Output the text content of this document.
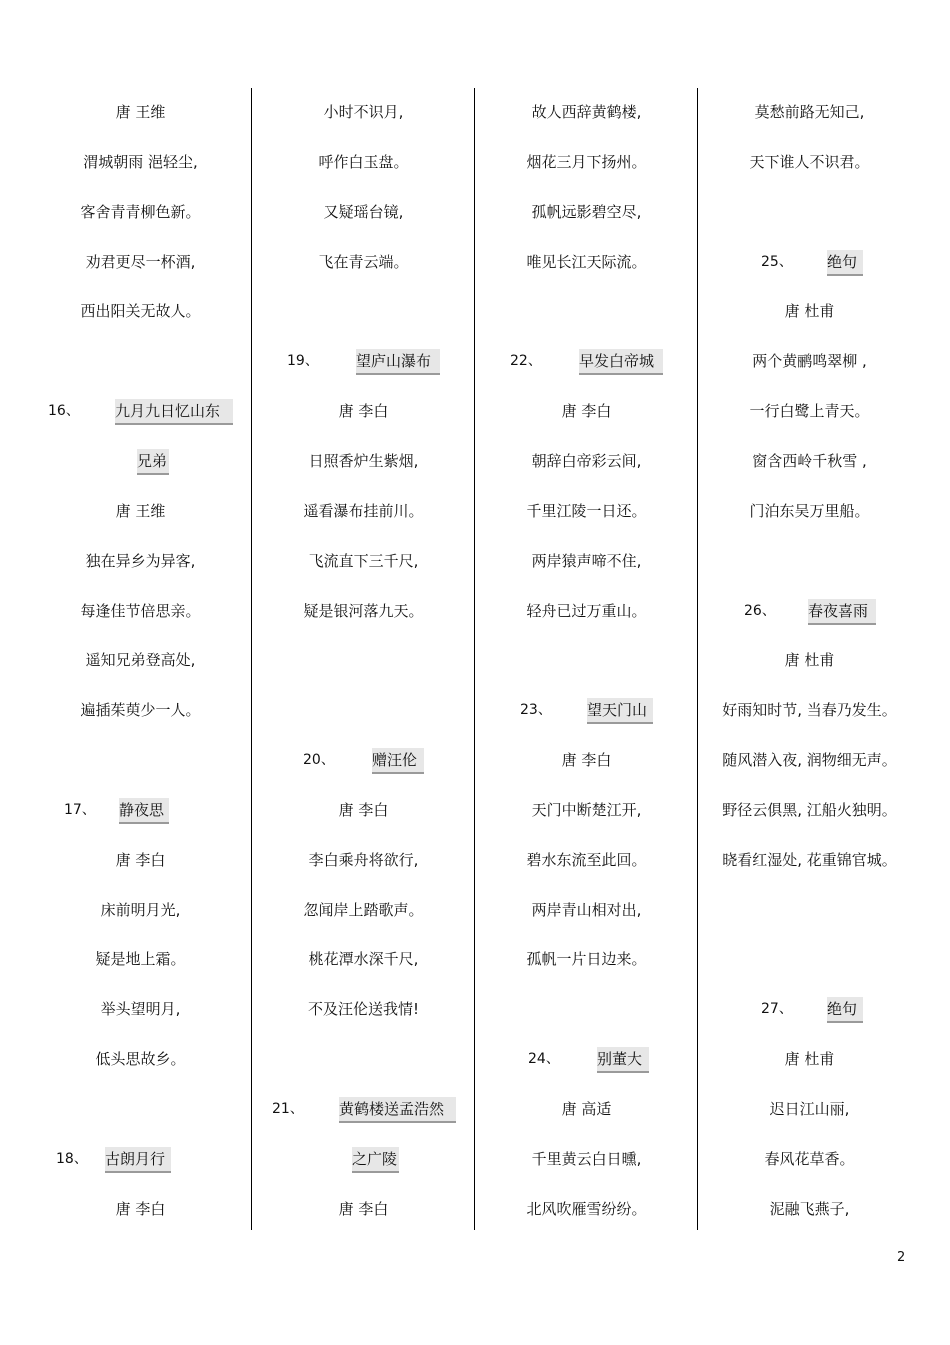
唐 王维
渭城朝雨 浥轻尘,
客舍青青柳色新。
劝君更尽一杯酒,
西出阳关无故人。
16、 九月九日忆山东
兄弟
唐 王维
独在异乡为异客,
每逢佳节倍思亲。
遥知兄弟登高处,
遍插茱萸少一人。
17、 静夜思
唐 李白
床前明月光,
疑是地上霜。
举头望明月,
低头思故乡。
18、 古朗月行
唐 李白
小时不识月,
呼作白玉盘。
又疑瑶台镜,
飞在青云端。
19、 望庐山瀑布
唐 李白
日照香炉生紫烟,
遥看瀑布挂前川。
飞流直下三千尺,
疑是银河落九天。
20、 赠汪伦
唐 李白
李白乘舟将欲行,
忽闻岸上踏歌声。
桃花潭水深千尺,
不及汪伦送我情!
21、 黄鹤楼送孟浩然
之广陵
唐 李白
故人西辞黄鹤楼,
烟花三月下扬州。
孤帆远影碧空尽,
唯见长江天际流。
22、 早发白帝城
唐 李白
朝辞白帝彩云间,
千里江陵一日还。
两岸猿声啼不住,
轻舟已过万重山。
23、 望天门山
唐 李白
天门中断楚江开,
碧水东流至此回。
两岸青山相对出,
孤帆一片日边来。
24、 别董大
唐 高适
千里黄云白日曛,
北风吹雁雪纷纷。
莫愁前路无知己,
天下谁人不识君。
25、 绝句
唐 杜甫
两个黄鹂鸣翠柳 ,
一行白鹭上青天。
窗含西岭千秋雪 ,
门泊东吴万里船。
26、 春夜喜雨
唐 杜甫
好雨知时节, 当春乃发生。
随风潜入夜, 润物细无声。
野径云俱黑, 江船火独明。
晓看红湿处, 花重锦官城。
27、 绝句
唐 杜甫
迟日江山丽,
春风花草香。
泥融飞燕子,
2
